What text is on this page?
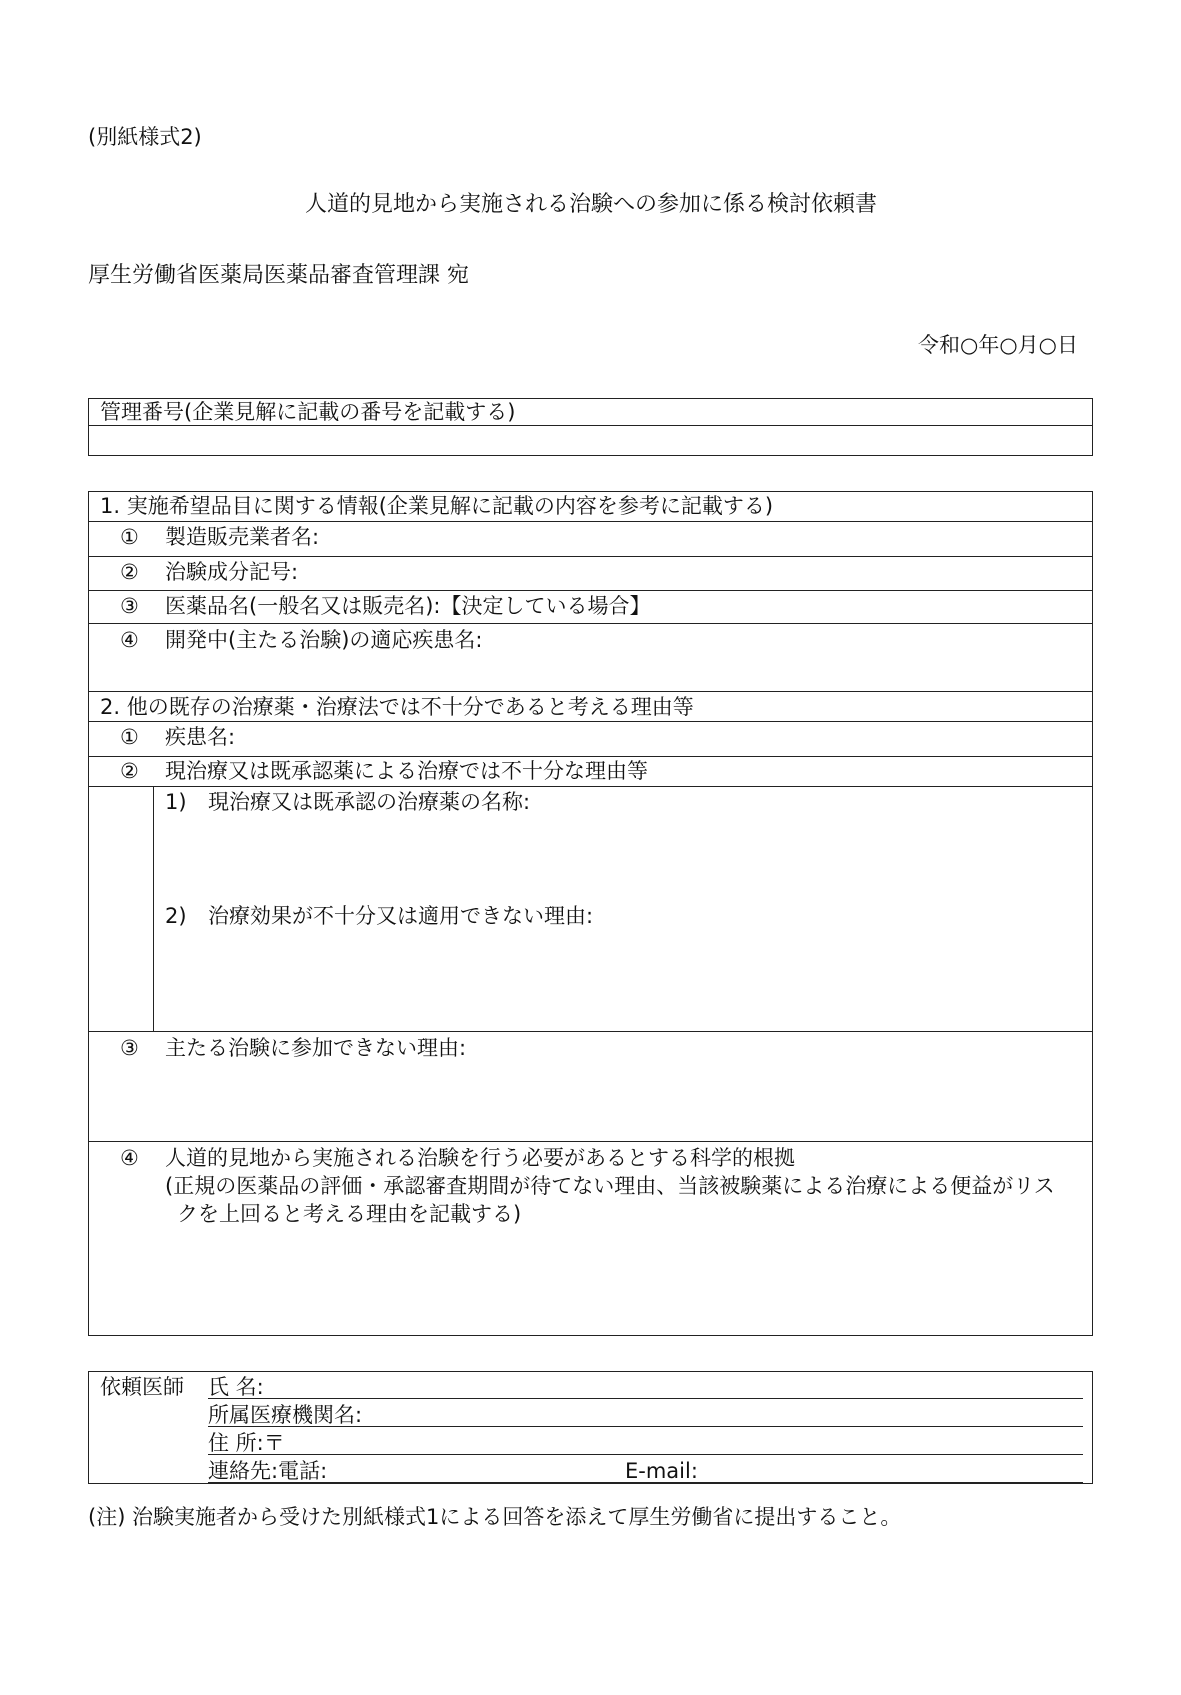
(別紙様式2)
人道的見地から実施される治験への参加に係る検討依頼書
厚生労働省医薬局医薬品審査管理課 宛
令和○年○月○日
管理番号(企業見解に記載の番号を記載する)
1. 実施希望品目に関する情報(企業見解に記載の内容を参考に記載する)
① 製造販売業者名:
② 治験成分記号:
③ 医薬品名(一般名又は販売名):【決定している場合】
④ 開発中(主たる治験)の適応疾患名:
2. 他の既存の治療薬・治療法では不十分であると考える理由等
① 疾患名:
② 現治療又は既承認薬による治療では不十分な理由等
1) 現治療又は既承認の治療薬の名称:
2) 治療効果が不十分又は適用できない理由:
③ 主たる治験に参加できない理由:
④ 人道的見地から実施される治験を行う必要があるとする科学的根拠
(正規の医薬品の評価・承認審査期間が待てない理由、当該被験薬による治療による便益がリス
クを上回ると考える理由を記載する)
依頼医師 氏 名:
所属医療機関名:
住 所:〒
連絡先:電話:	E-mail:
(注) 治験実施者から受けた別紙様式1による回答を添えて厚生労働省に提出すること。
